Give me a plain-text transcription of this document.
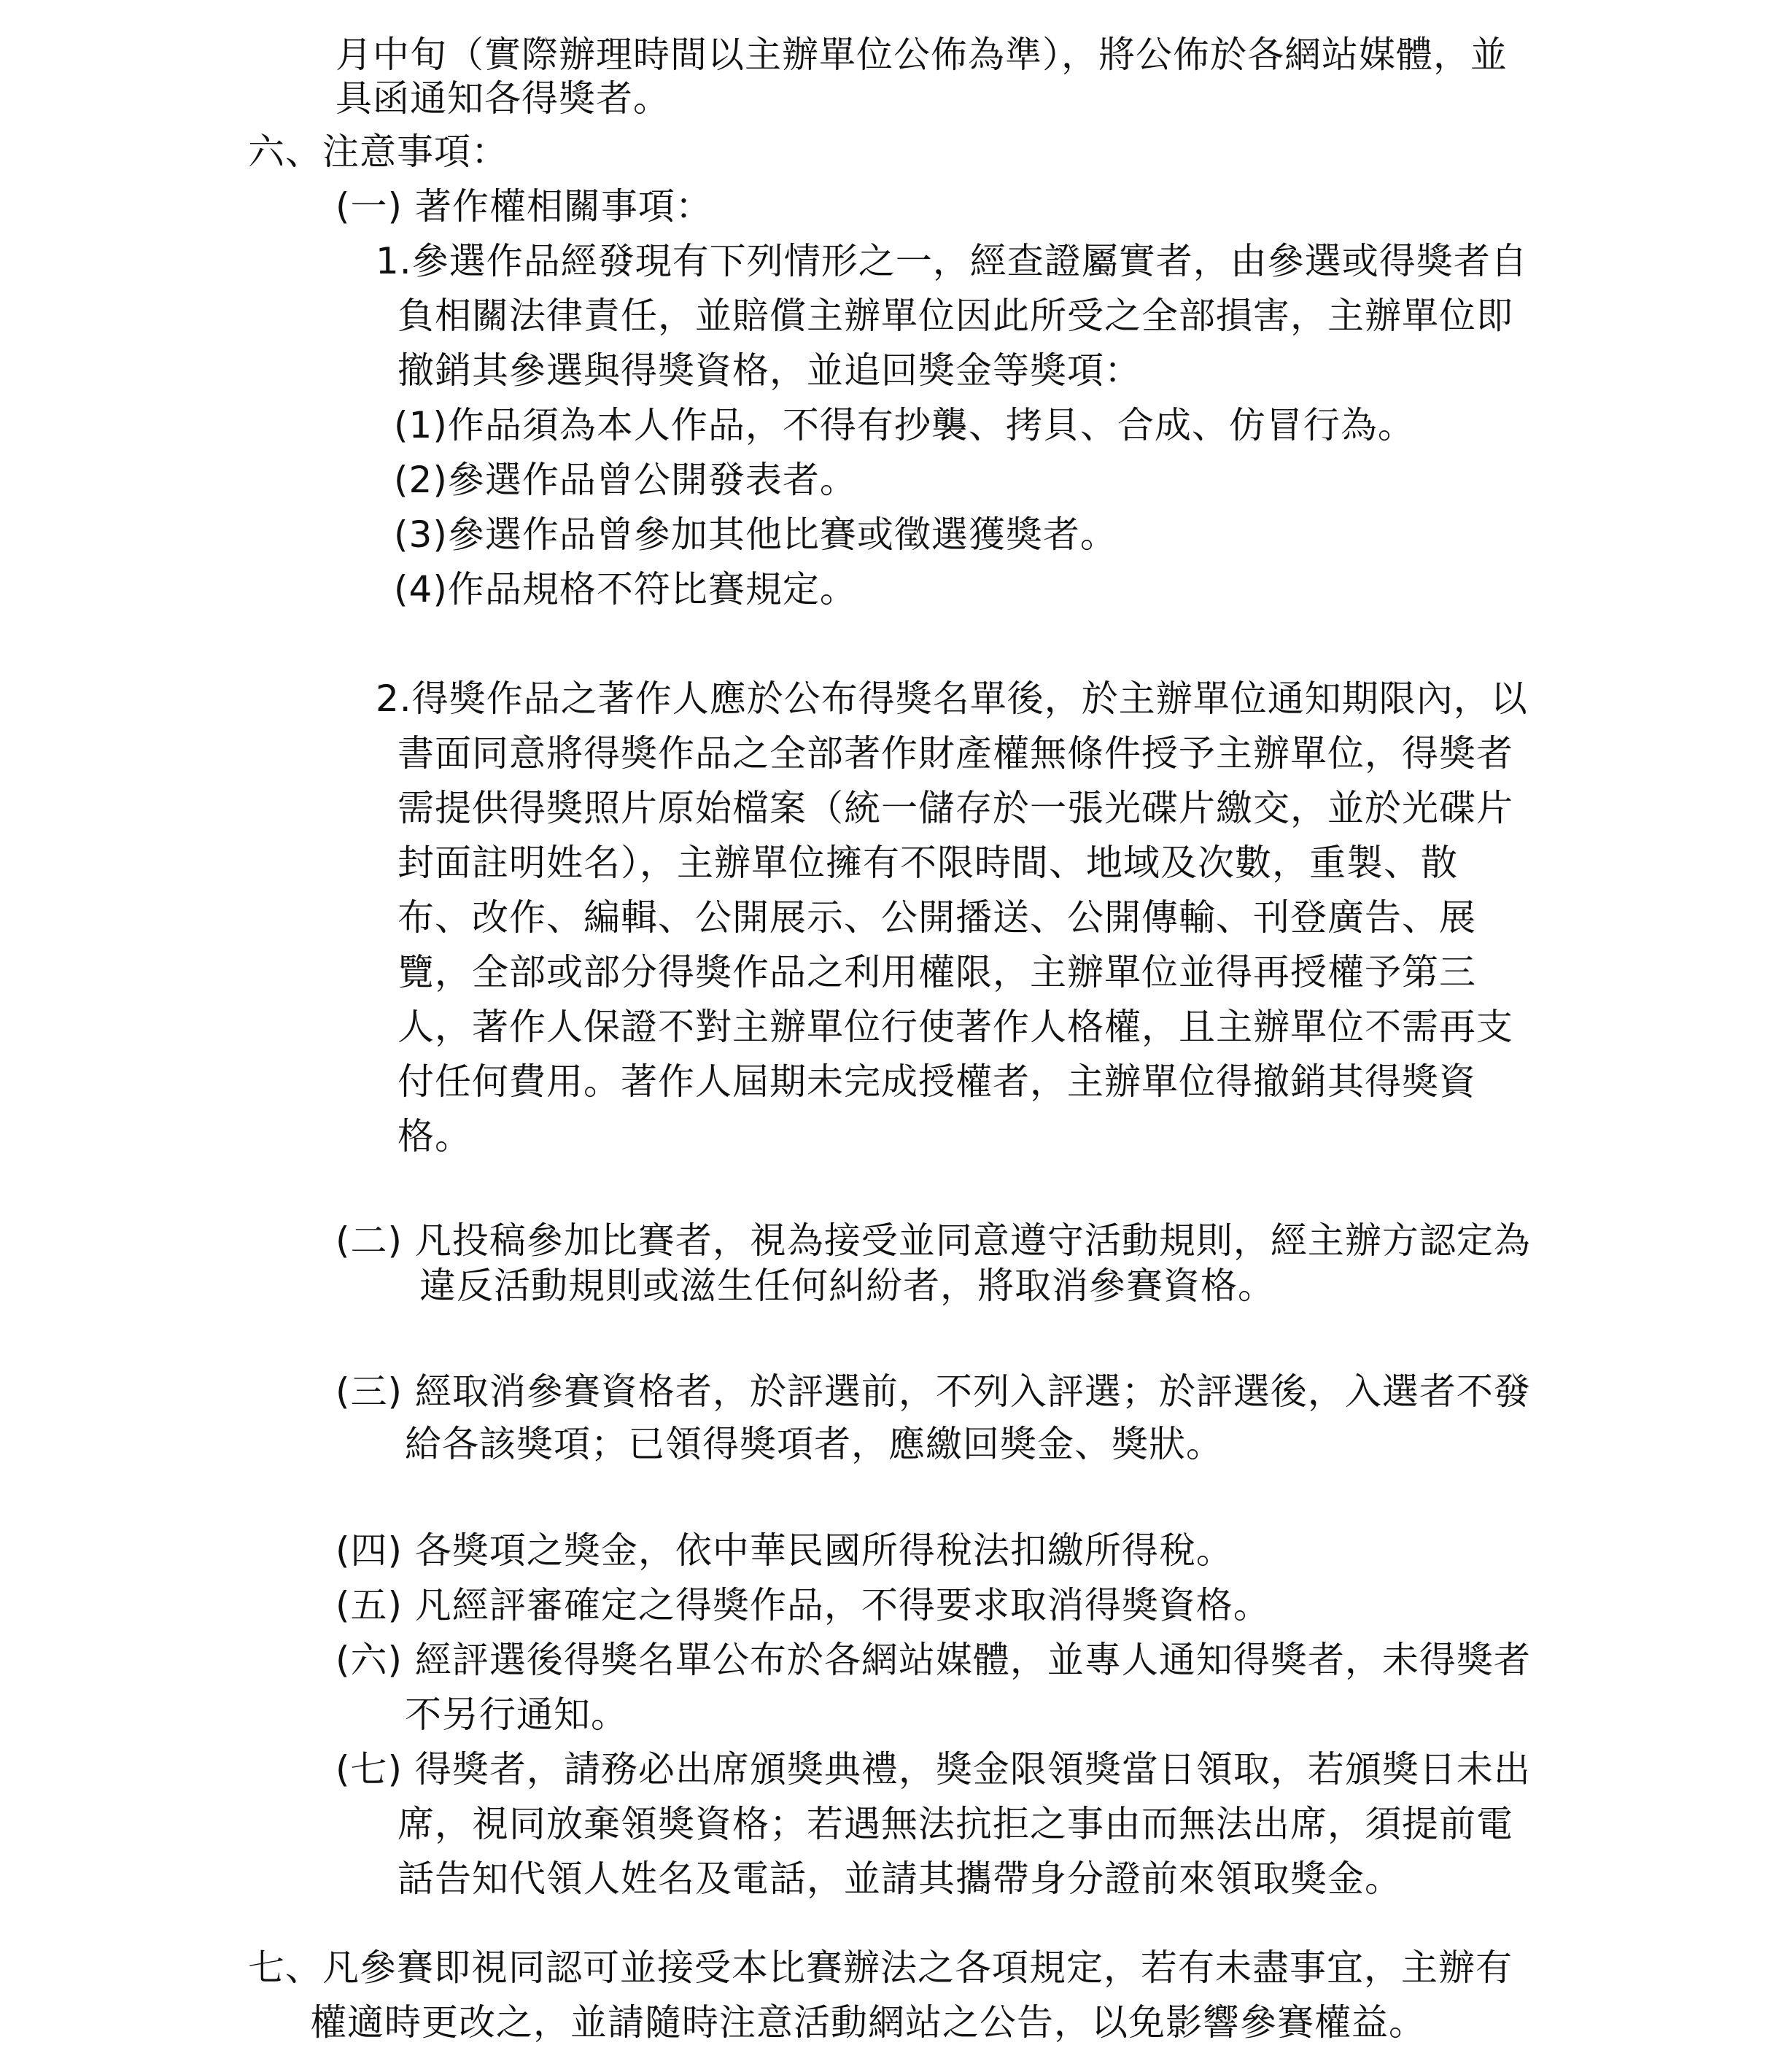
月中旬（實際辦理時間以主辦單位公佈為準），將公佈於各網站媒體，並
具函通知各得獎者。
六、注意事項：
(一) 著作權相關事項：
1.參選作品經發現有下列情形之一，經查證屬實者，由參選或得獎者自
負相關法律責任，並賠償主辦單位因此所受之全部損害，主辦單位即
撤銷其參選與得獎資格，並追回獎金等獎項：
(1)作品須為本人作品，不得有抄襲、拷貝、合成、仿冒行為。
(2)參選作品曾公開發表者。
(3)參選作品曾參加其他比賽或徵選獲獎者。
(4)作品規格不符比賽規定。
2.得獎作品之著作人應於公布得獎名單後，於主辦單位通知期限內，以
書面同意將得獎作品之全部著作財產權無條件授予主辦單位，得獎者
需提供得獎照片原始檔案（統一儲存於一張光碟片繳交，並於光碟片
封面註明姓名），主辦單位擁有不限時間、地域及次數，重製、散
布、改作、編輯、公開展示、公開播送、公開傳輸、刊登廣告、展
覽，全部或部分得獎作品之利用權限，主辦單位並得再授權予第三
人，著作人保證不對主辦單位行使著作人格權，且主辦單位不需再支
付任何費用。著作人屆期未完成授權者，主辦單位得撤銷其得獎資
格。
(二) 凡投稿參加比賽者，視為接受並同意遵守活動規則，經主辦方認定為
違反活動規則或滋生任何糾紛者，將取消參賽資格。
(三) 經取消參賽資格者，於評選前，不列入評選；於評選後，入選者不發
給各該獎項；已領得獎項者，應繳回獎金、獎狀。
(四) 各獎項之獎金，依中華民國所得稅法扣繳所得稅。
(五) 凡經評審確定之得獎作品，不得要求取消得獎資格。
(六) 經評選後得獎名單公布於各網站媒體，並專人通知得獎者，未得獎者
不另行通知。
(七) 得獎者，請務必出席頒獎典禮，獎金限領獎當日領取，若頒獎日未出
席，視同放棄領獎資格；若遇無法抗拒之事由而無法出席，須提前電
話告知代領人姓名及電話，並請其攜帶身分證前來領取獎金。
七、凡參賽即視同認可並接受本比賽辦法之各項規定，若有未盡事宜，主辦有
權適時更改之，並請隨時注意活動網站之公告，以免影響參賽權益。
